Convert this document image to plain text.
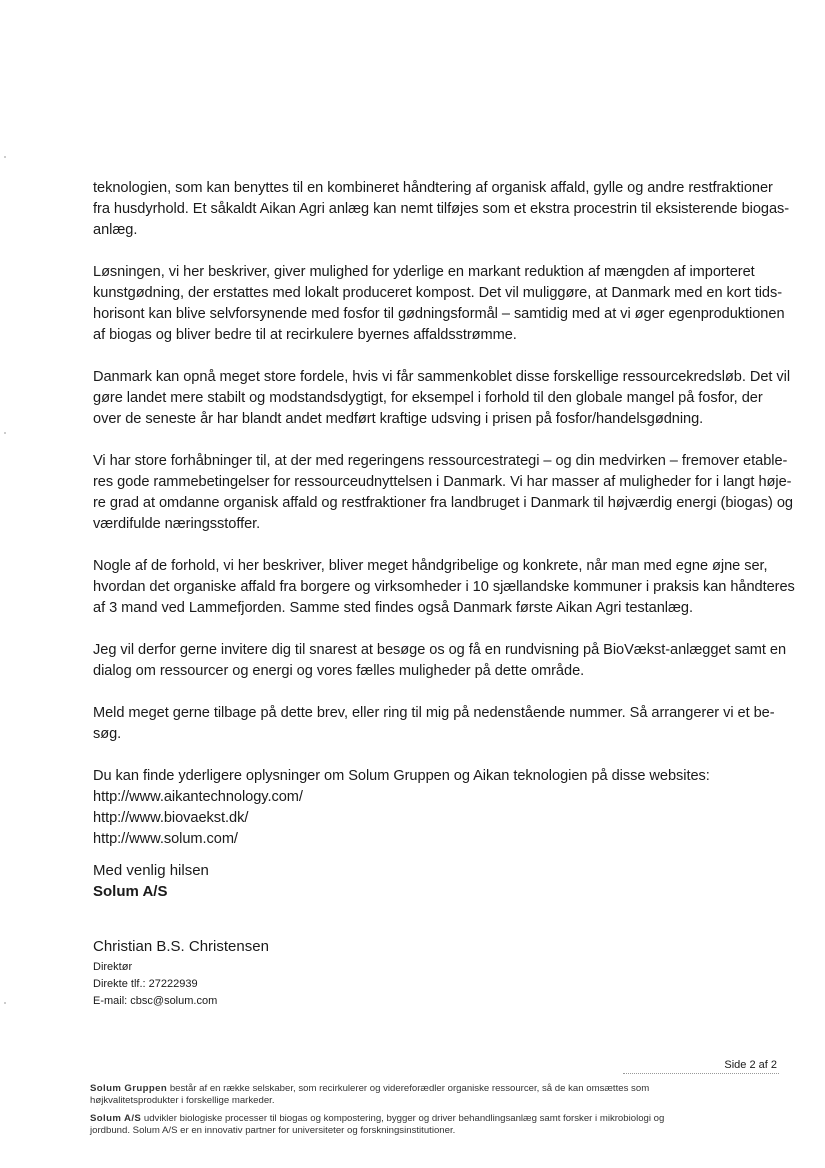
teknologien, som kan benyttes til en kombineret håndtering af organisk affald, gylle og andre restfraktioner

fra husdyrhold. Et såkaldt Aikan Agri anlæg kan nemt tilføjes som et ekstra procestrin til eksisterende biogas-

anlæg.

Løsningen, vi her beskriver, giver mulighed for yderlige en markant reduktion af mængden af importeret

kunstgødning, der erstattes med lokalt produceret kompost. Det vil muliggøre, at Danmark med en kort tids-

horisont kan blive selvforsynende med fosfor til gødningsformål – samtidig med at vi øger egenproduktionen

af biogas og bliver bedre til at recirkulere byernes affaldsstrømme.

Danmark kan opnå meget store fordele, hvis vi får sammenkoblet disse forskellige ressourcekredsløb. Det vil

gøre landet mere stabilt og modstandsdygtigt, for eksempel i forhold til den globale mangel på fosfor, der

over de seneste år har blandt andet medført kraftige udsving i prisen på fosfor/handelsgødning.

Vi har store forhåbninger til, at der med regeringens ressourcestrategi – og din medvirken – fremover etable-

res gode rammebetingelser for ressourceudnyttelsen i Danmark. Vi har masser af muligheder for i langt høje-

re grad at omdanne organisk affald og restfraktioner fra landbruget i Danmark til højværdig energi (biogas) og

værdifulde næringsstoffer.

Nogle af de forhold, vi her beskriver, bliver meget håndgribelige og konkrete, når man med egne øjne ser,

hvordan det organiske affald fra borgere og virksomheder i 10 sjællandske kommuner i praksis kan håndteres

af 3 mand ved Lammefjorden. Samme sted findes også Danmark første Aikan Agri testanlæg.

Jeg vil derfor gerne invitere dig til snarest at besøge os og få en rundvisning på BioVækst-anlægget samt en

dialog om ressourcer og energi og vores fælles muligheder på dette område.

Meld meget gerne tilbage på dette brev, eller ring til mig på nedenstående nummer. Så arrangerer vi et be-

søg.

Du kan finde yderligere oplysninger om Solum Gruppen og Aikan teknologien på disse websites:

http://www.aikantechnology.com/

http://www.biovaekst.dk/

http://www.solum.com/

Med venlig hilsen
Solum A/S

Christian B.S. Christensen

Direktør

Direkte tlf.: 27222939

E-mail: cbsc@solum.com

Side 2 af 2

Solum Gruppen består af en række selskaber, som recirkulerer og videreforædler organiske ressourcer, så de kan omsættes som
højkvalitetsprodukter i forskellige markeder.

Solum A/S udvikler biologiske processer til biogas og kompostering, bygger og driver behandlingsanlæg samt forsker i mikrobiologi og
jordbund. Solum A/S er en innovativ partner for universiteter og forskningsinstitutioner.
